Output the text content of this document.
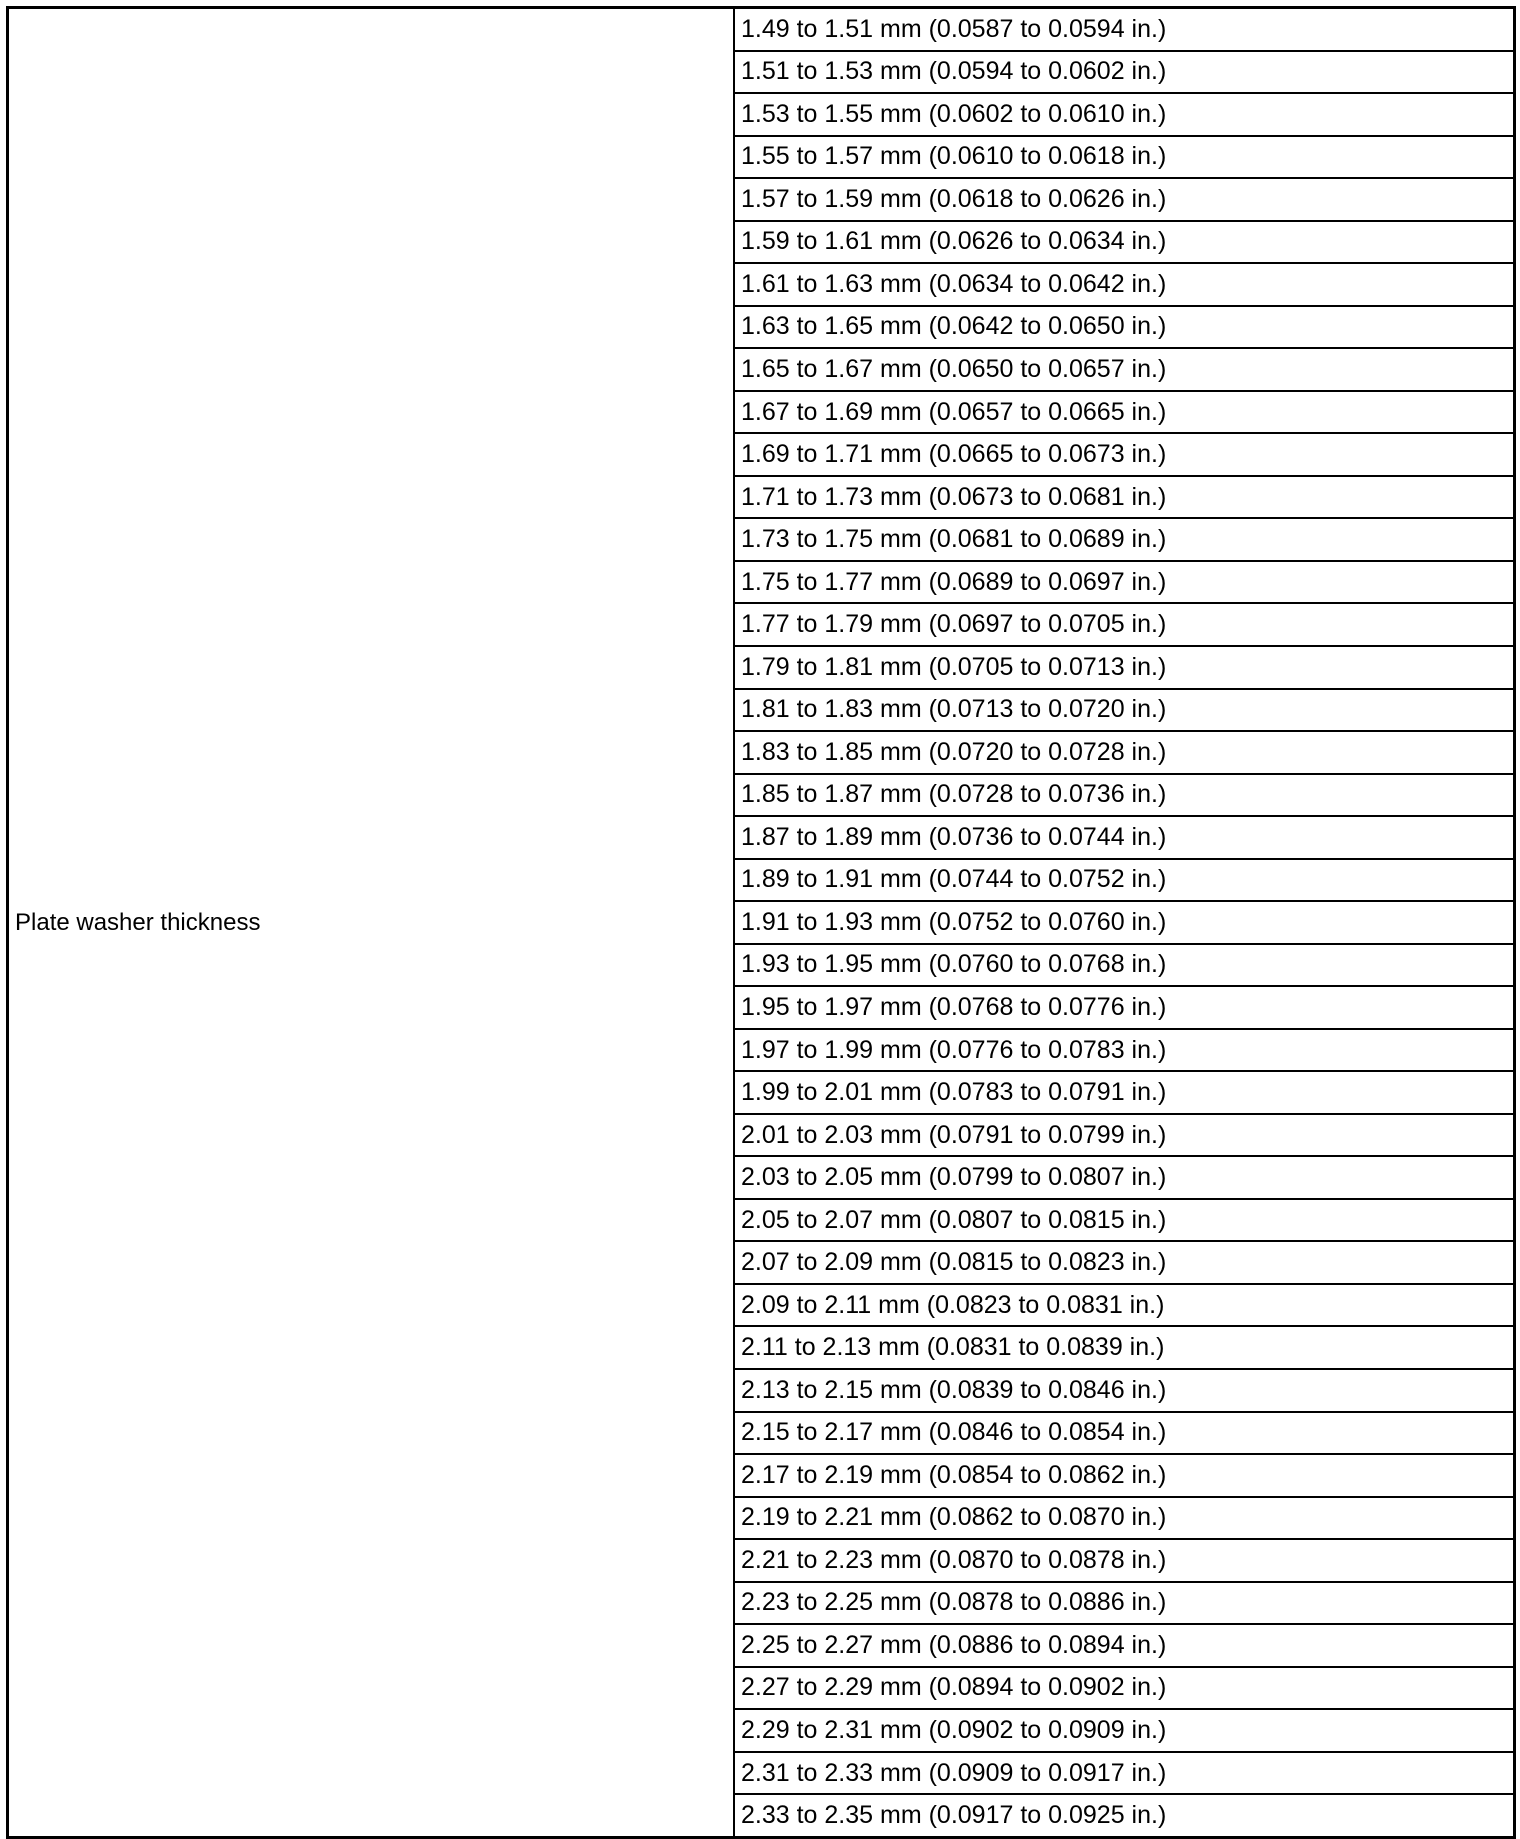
Plate washer thickness
1.49 to 1.51 mm (0.0587 to 0.0594 in.)
1.51 to 1.53 mm (0.0594 to 0.0602 in.)
1.53 to 1.55 mm (0.0602 to 0.0610 in.)
1.55 to 1.57 mm (0.0610 to 0.0618 in.)
1.57 to 1.59 mm (0.0618 to 0.0626 in.)
1.59 to 1.61 mm (0.0626 to 0.0634 in.)
1.61 to 1.63 mm (0.0634 to 0.0642 in.)
1.63 to 1.65 mm (0.0642 to 0.0650 in.)
1.65 to 1.67 mm (0.0650 to 0.0657 in.)
1.67 to 1.69 mm (0.0657 to 0.0665 in.)
1.69 to 1.71 mm (0.0665 to 0.0673 in.)
1.71 to 1.73 mm (0.0673 to 0.0681 in.)
1.73 to 1.75 mm (0.0681 to 0.0689 in.)
1.75 to 1.77 mm (0.0689 to 0.0697 in.)
1.77 to 1.79 mm (0.0697 to 0.0705 in.)
1.79 to 1.81 mm (0.0705 to 0.0713 in.)
1.81 to 1.83 mm (0.0713 to 0.0720 in.)
1.83 to 1.85 mm (0.0720 to 0.0728 in.)
1.85 to 1.87 mm (0.0728 to 0.0736 in.)
1.87 to 1.89 mm (0.0736 to 0.0744 in.)
1.89 to 1.91 mm (0.0744 to 0.0752 in.)
1.91 to 1.93 mm (0.0752 to 0.0760 in.)
1.93 to 1.95 mm (0.0760 to 0.0768 in.)
1.95 to 1.97 mm (0.0768 to 0.0776 in.)
1.97 to 1.99 mm (0.0776 to 0.0783 in.)
1.99 to 2.01 mm (0.0783 to 0.0791 in.)
2.01 to 2.03 mm (0.0791 to 0.0799 in.)
2.03 to 2.05 mm (0.0799 to 0.0807 in.)
2.05 to 2.07 mm (0.0807 to 0.0815 in.)
2.07 to 2.09 mm (0.0815 to 0.0823 in.)
2.09 to 2.11 mm (0.0823 to 0.0831 in.)
2.11 to 2.13 mm (0.0831 to 0.0839 in.)
2.13 to 2.15 mm (0.0839 to 0.0846 in.)
2.15 to 2.17 mm (0.0846 to 0.0854 in.)
2.17 to 2.19 mm (0.0854 to 0.0862 in.)
2.19 to 2.21 mm (0.0862 to 0.0870 in.)
2.21 to 2.23 mm (0.0870 to 0.0878 in.)
2.23 to 2.25 mm (0.0878 to 0.0886 in.)
2.25 to 2.27 mm (0.0886 to 0.0894 in.)
2.27 to 2.29 mm (0.0894 to 0.0902 in.)
2.29 to 2.31 mm (0.0902 to 0.0909 in.)
2.31 to 2.33 mm (0.0909 to 0.0917 in.)
2.33 to 2.35 mm (0.0917 to 0.0925 in.)
